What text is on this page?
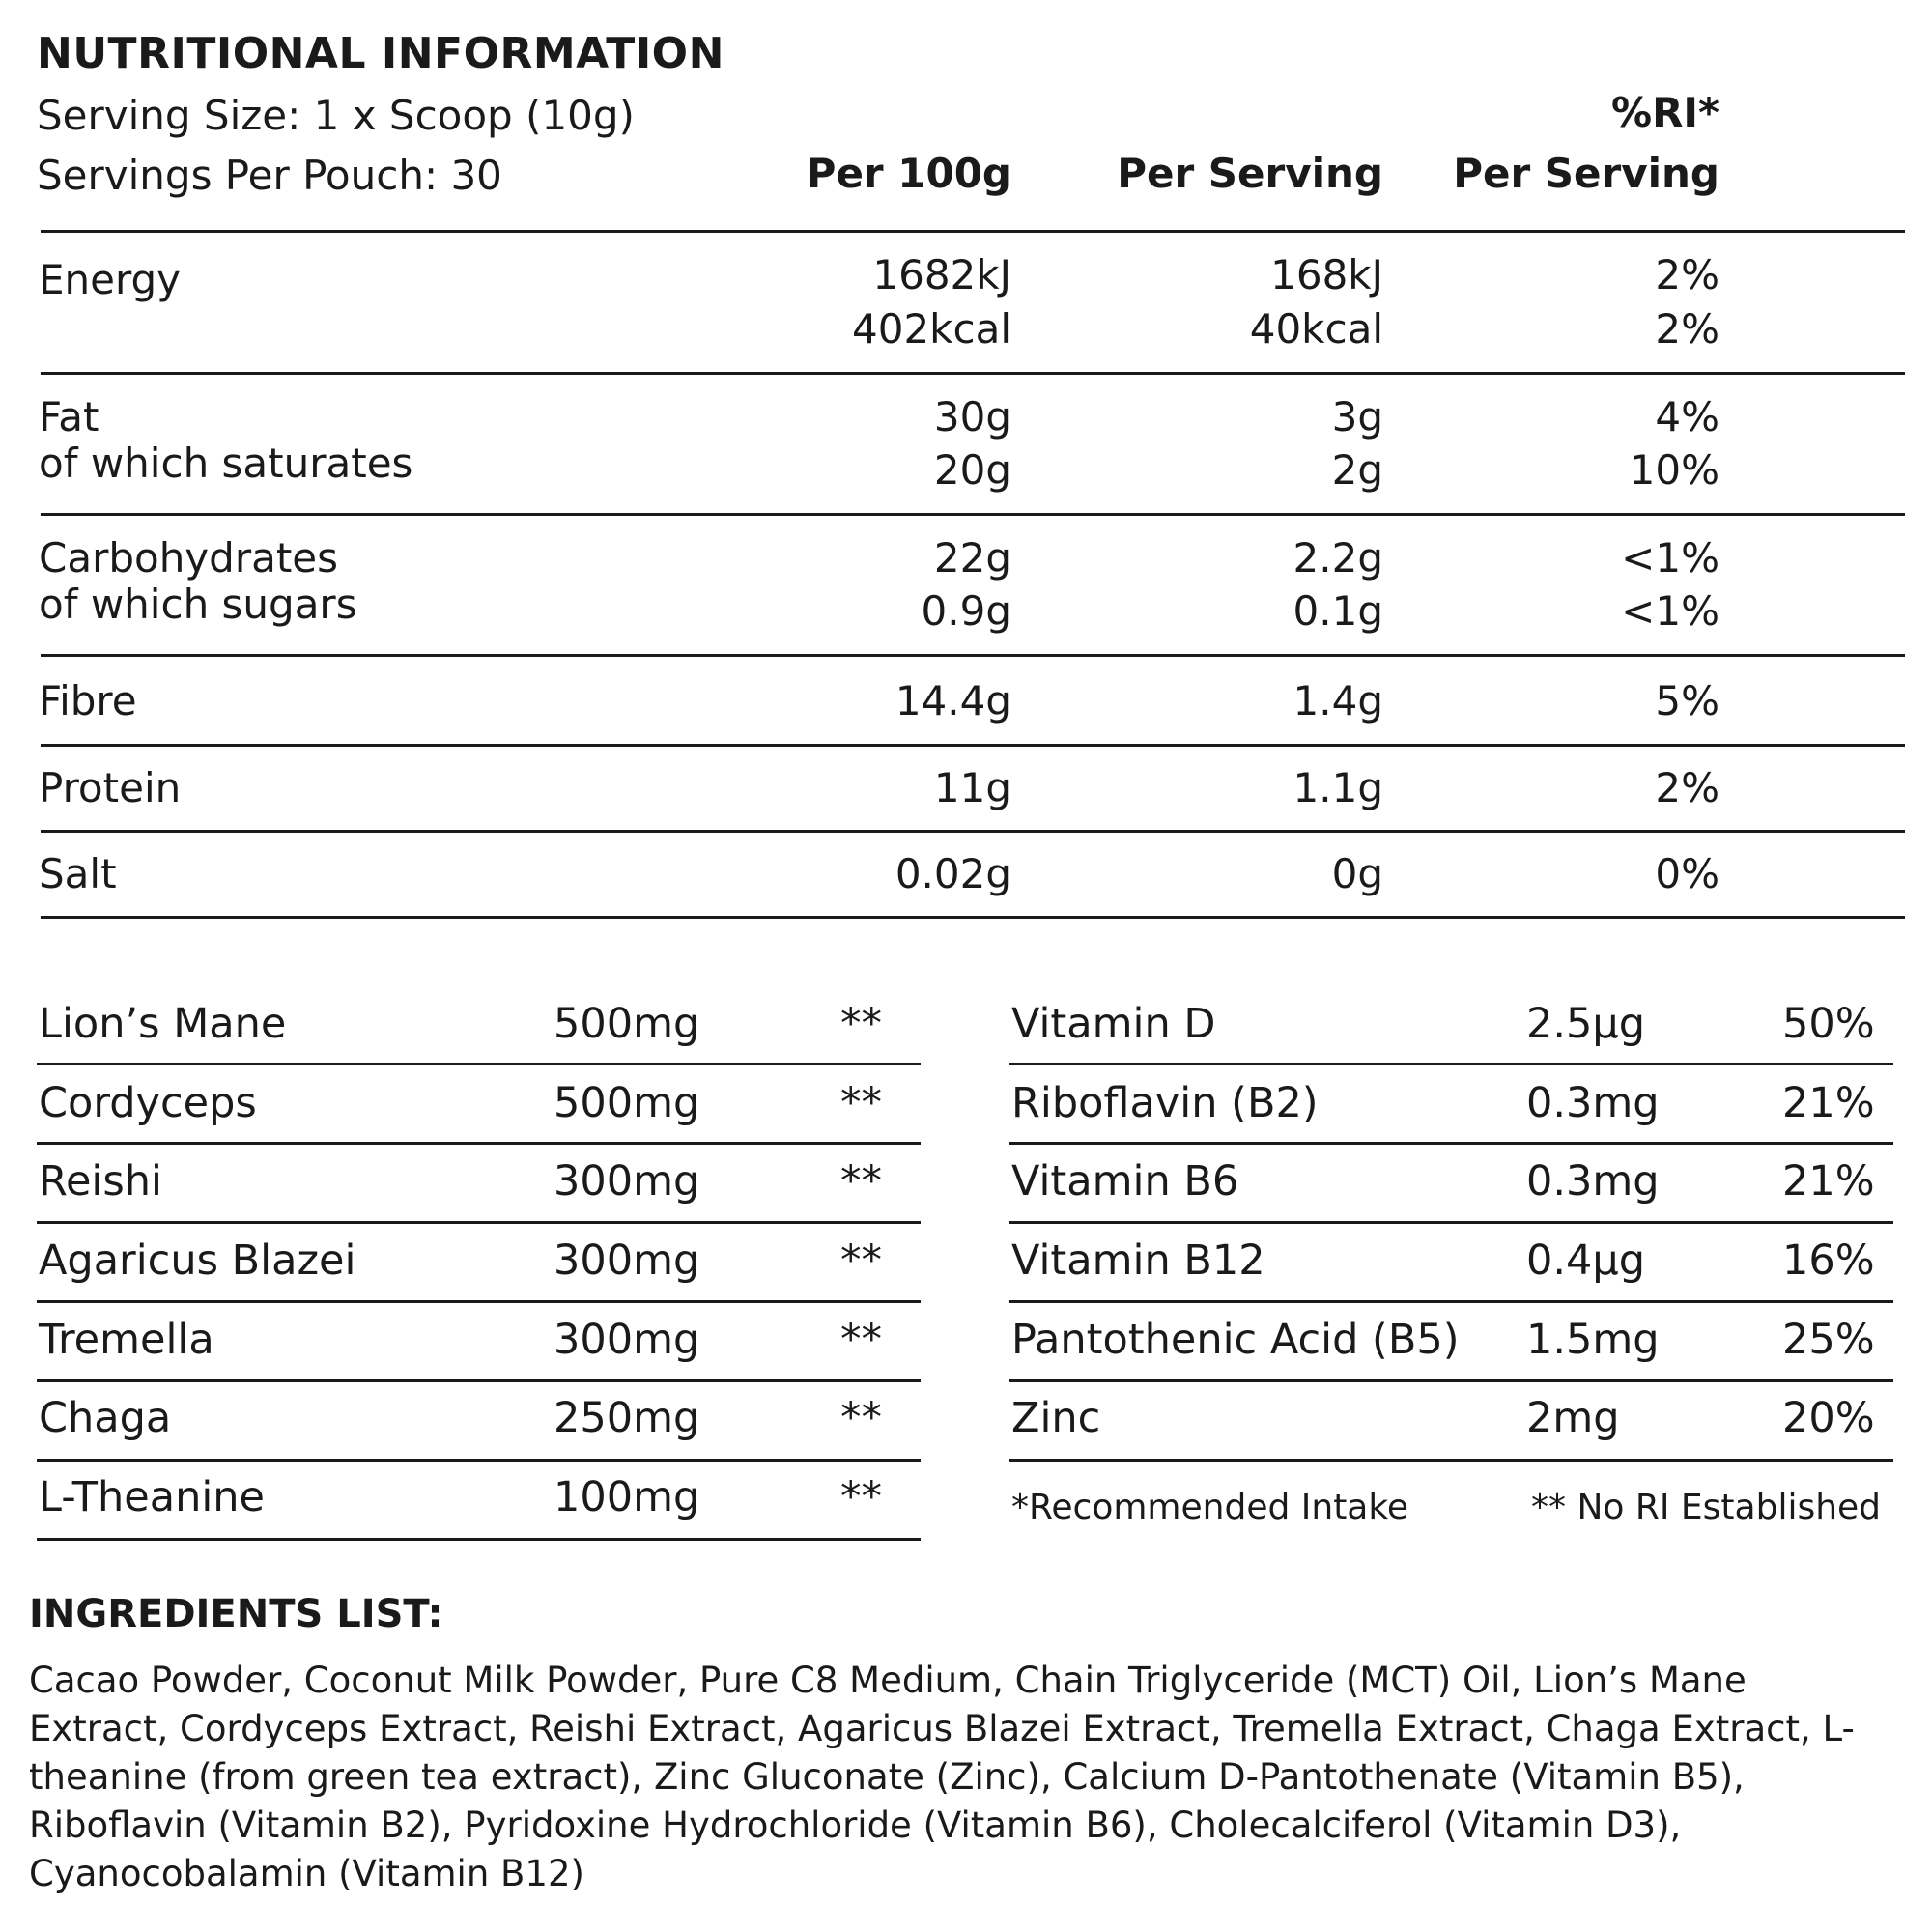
NUTRITIONAL INFORMATION
Serving Size: 1 x Scoop (10g)
Servings Per Pouch: 30
%RI*
Per 100g	Per Serving	Per Serving
Energy	1682kJ	168kJ	2%
402kcal	40kcal	2%
Fat	30g	3g	4%
of which saturates	20g	2g	10%
Carbohydrates	22g	2.2g	<1%
of which sugars	0.9g	0.1g	<1%
Fibre	14.4g	1.4g	5%
Protein	11g	1.1g	2%
Salt	0.02g	0g	0%
Lion’s Mane	500mg	**
Cordyceps	500mg	**
Reishi	300mg	**
Agaricus Blazei	300mg	**
Tremella	300mg	**
Chaga	250mg	**
L-Theanine	100mg	**
Vitamin D	2.5µg	50%
Riboflavin (B2)	0.3mg	21%
Vitamin B6	0.3mg	21%
Vitamin B12	0.4µg	16%
Pantothenic Acid (B5) 1.5mg	25%
Zinc	2mg	20%
*Recommended Intake	** No RI Established
INGREDIENTS LIST:
Cacao Powder, Coconut Milk Powder, Pure C8 Medium, Chain Triglyceride (MCT) Oil, Lion’s Mane Extract, Cordyceps Extract, Reishi Extract, Agaricus Blazei Extract, Tremella Extract, Chaga Extract, L-theanine (from green tea extract), Zinc Gluconate (Zinc), Calcium D-Pantothenate (Vitamin B5), Riboflavin (Vitamin B2), Pyridoxine Hydrochloride (Vitamin B6), Cholecalciferol (Vitamin D3), Cyanocobalamin (Vitamin B12)
